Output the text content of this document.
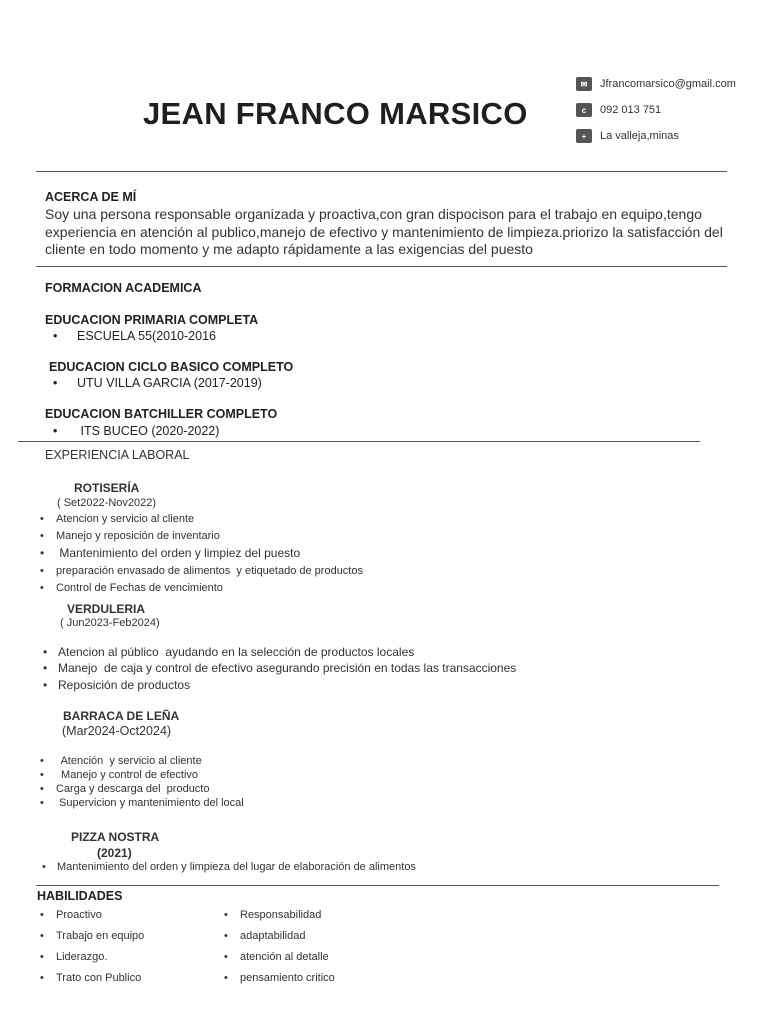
JEAN FRANCO MARSICO
✉	Jfrancomarsico@gmail.com
c	092 013 751
+	La valleja,minas
ACERCA DE MÍ
Soy una persona responsable organizada y proactiva,con gran dispocison para el trabajo en equipo,tengo experiencia en atención al publico,manejo de efectivo y mantenimiento de limpieza.priorizo la satisfacción del cliente en todo momento y me adapto rápidamente a las exigencias del puesto
FORMACION ACADEMICA
EDUCACION PRIMARIA COMPLETA
•	ESCUELA 55(2010-2016
EDUCACION CICLO BASICO COMPLETO
•	UTU VILLA GARCIA (2017-2019)
EDUCACION BATCHILLER COMPLETO
•	ITS BUCEO (2020-2022)
EXPERIENCIA LABORAL
ROTISERÍA
( Set2022-Nov2022)
•	Atencion y servicio al cliente
•	Manejo y reposición de inventario
• Mantenimiento del orden y limpiez del puesto
•	preparación envasado de alimentos  y etiquetado de productos
•	Control de Fechas de vencimiento
VERDULERIA
( Jun2023-Feb2024)
• Atencion al público  ayudando en la selección de productos locales
• Manejo  de caja y control de efectivo asegurando precisión en todas las transacciones
• Reposición de productos
BARRACA DE LEÑA
(Mar2024-Oct2024)
•	Atención  y servicio al cliente
•	Manejo y control de efectivo
•	Carga y descarga del  producto
•	Supervicion y mantenimiento del local
PIZZA NOSTRA
(2021)
•	Mantenimiento del orden y limpieza del lugar de elaboración de alimentos
HABILIDADES
•	Proactivo
•	Trabajo en equipo
•	Liderazgo.
•	Trato con Publico
•	Responsabilidad
•	adaptabilidad
•	atención al detalle
•	pensamiento critico
